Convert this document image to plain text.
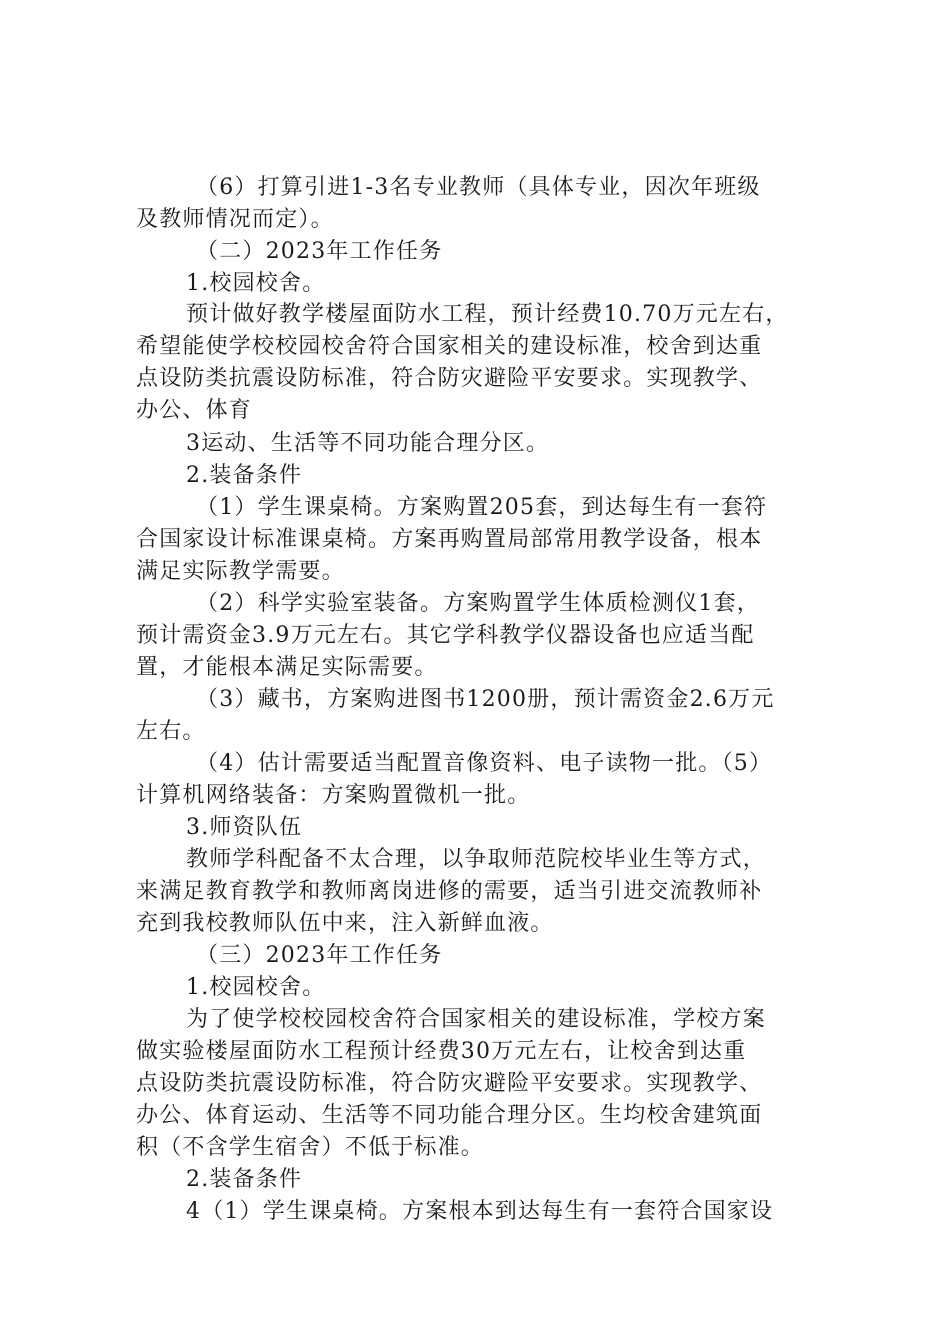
（6）打算引进1-3名专业教师（具体专业，因次年班级
及教师情况而定）。
（二）2023年工作任务
1.校园校舍。
预计做好教学楼屋面防水工程，预计经费10.70万元左右，
希望能使学校校园校舍符合国家相关的建设标准，校舍到达重
点设防类抗震设防标准，符合防灾避险平安要求。实现教学、
办公、体育
3运动、生活等不同功能合理分区。
2.装备条件
（1）学生课桌椅。方案购置205套，到达每生有一套符
合国家设计标准课桌椅。方案再购置局部常用教学设备，根本
满足实际教学需要。
（2）科学实验室装备。方案购置学生体质检测仪1套，
预计需资金3.9万元左右。其它学科教学仪器设备也应适当配
置，才能根本满足实际需要。
（3）藏书，方案购进图书1200册，预计需资金2.6万元
左右。
（4）估计需要适当配置音像资料、电子读物一批。（5）
计算机网络装备：方案购置微机一批。
3.师资队伍
教师学科配备不太合理，以争取师范院校毕业生等方式，
来满足教育教学和教师离岗进修的需要，适当引进交流教师补
充到我校教师队伍中来，注入新鲜血液。
（三）2023年工作任务
1.校园校舍。
为了使学校校园校舍符合国家相关的建设标准，学校方案
做实验楼屋面防水工程预计经费30万元左右，让校舍到达重
点设防类抗震设防标准，符合防灾避险平安要求。实现教学、
办公、体育运动、生活等不同功能合理分区。生均校舍建筑面
积（不含学生宿舍）不低于标准。
2.装备条件
4（1）学生课桌椅。方案根本到达每生有一套符合国家设
